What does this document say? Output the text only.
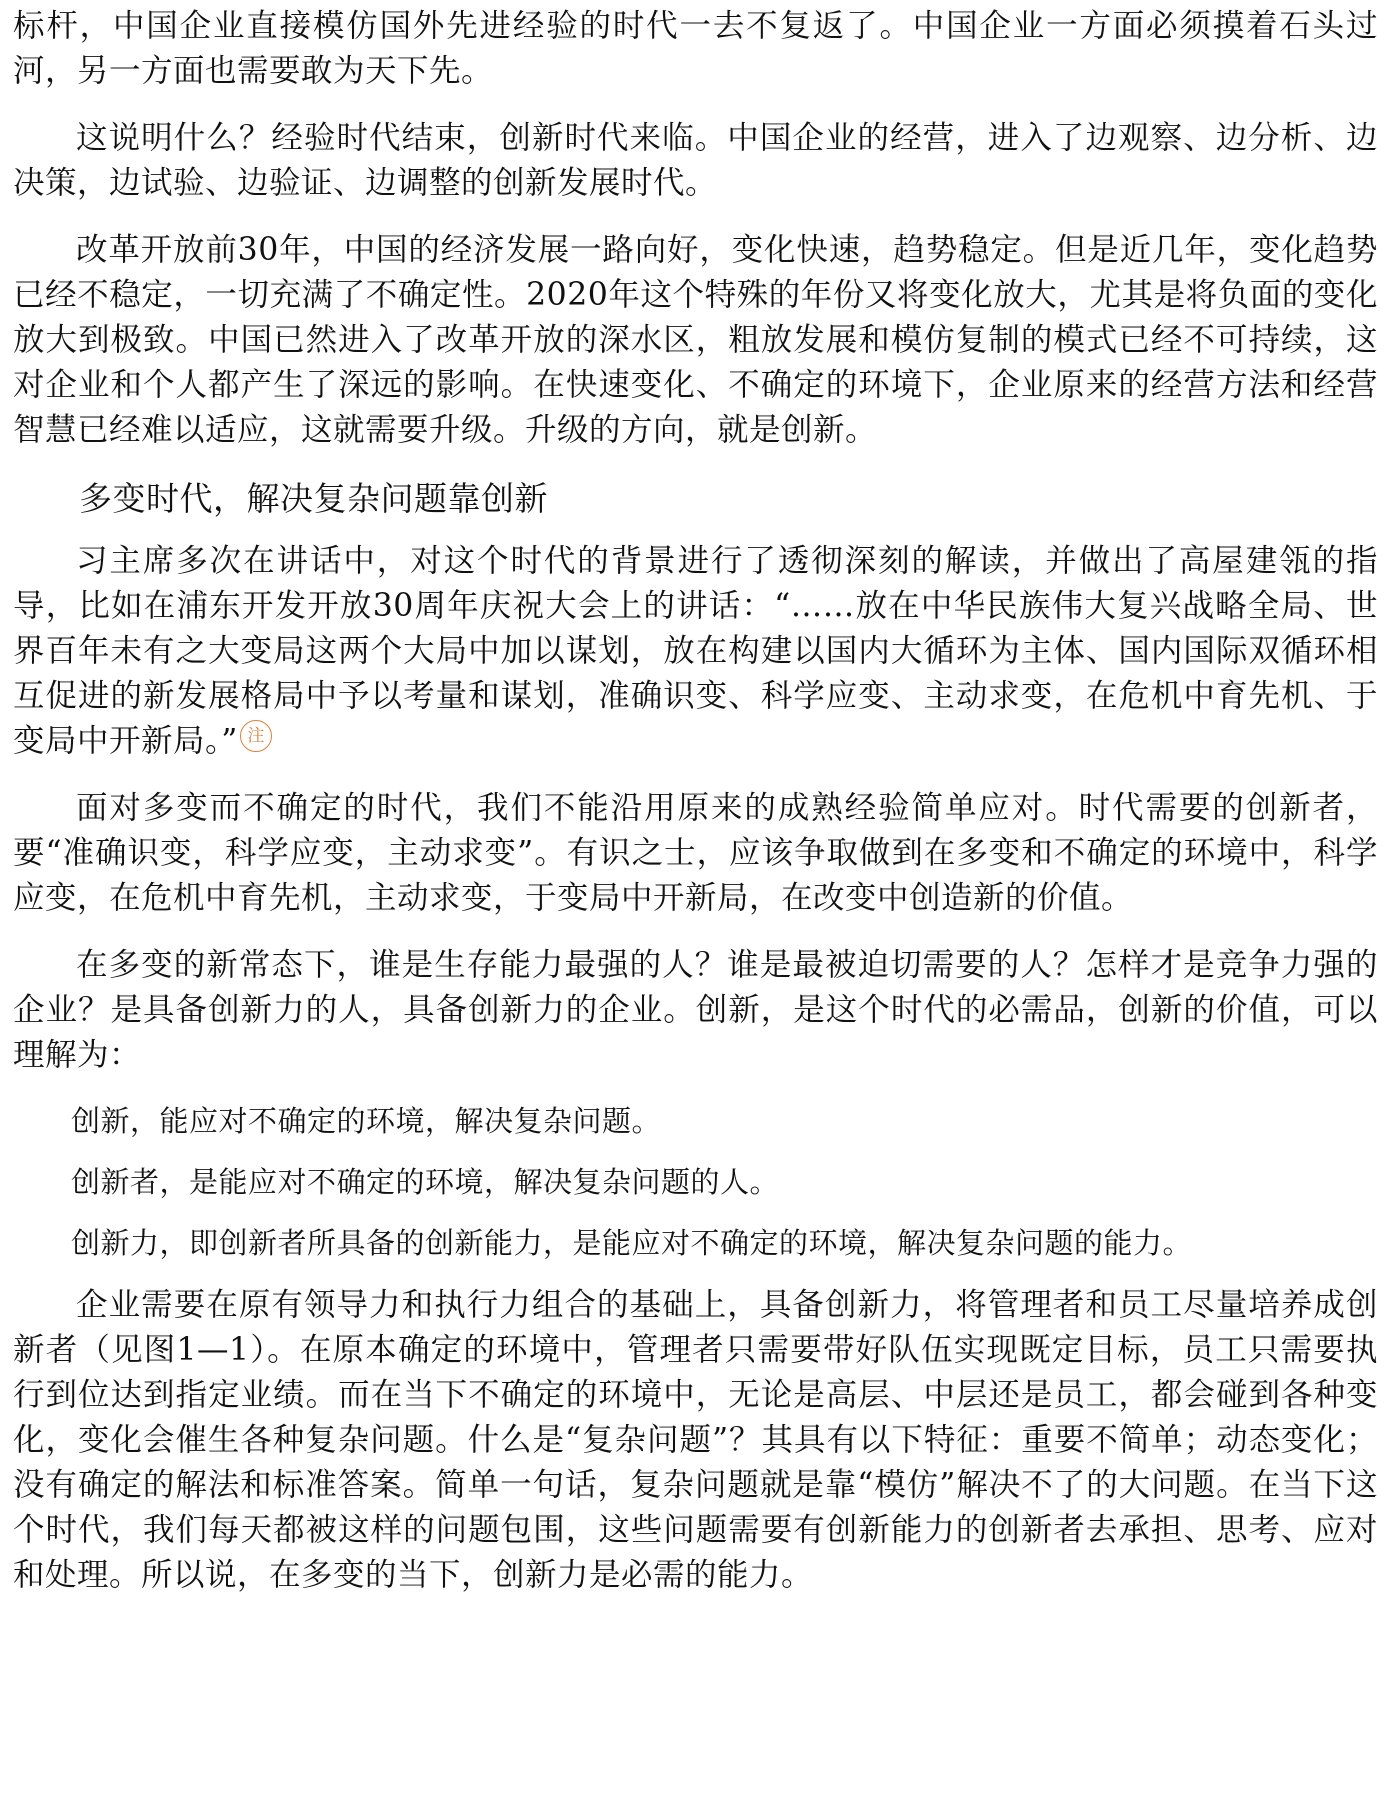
标杆，中国企业直接模仿国外先进经验的时代一去不复返了。中国企业一方面必须摸着石头过河，另一方面也需要敢为天下先。

这说明什么？经验时代结束，创新时代来临。中国企业的经营，进入了边观察、边分析、边决策，边试验、边验证、边调整的创新发展时代。

改革开放前30年，中国的经济发展一路向好，变化快速，趋势稳定。但是近几年，变化趋势已经不稳定，一切充满了不确定性。2020年这个特殊的年份又将变化放大，尤其是将负面的变化放大到极致。中国已然进入了改革开放的深水区，粗放发展和模仿复制的模式已经不可持续，这对企业和个人都产生了深远的影响。在快速变化、不确定的环境下，企业原来的经营方法和经营智慧已经难以适应，这就需要升级。升级的方向，就是创新。

多变时代，解决复杂问题靠创新

习主席多次在讲话中，对这个时代的背景进行了透彻深刻的解读，并做出了高屋建瓴的指导，比如在浦东开发开放30周年庆祝大会上的讲话：“……放在中华民族伟大复兴战略全局、世界百年未有之大变局这两个大局中加以谋划，放在构建以国内大循环为主体、国内国际双循环相互促进的新发展格局中予以考量和谋划，准确识变、科学应变、主动求变，在危机中育先机、于变局中开新局。” 注

面对多变而不确定的时代，我们不能沿用原来的成熟经验简单应对。时代需要的创新者，要“准确识变，科学应变，主动求变”。有识之士，应该争取做到在多变和不确定的环境中，科学应变，在危机中育先机，主动求变，于变局中开新局，在改变中创造新的价值。

在多变的新常态下，谁是生存能力最强的人？谁是最被迫切需要的人？怎样才是竞争力强的企业？是具备创新力的人，具备创新力的企业。创新，是这个时代的必需品，创新的价值，可以理解为：

创新，能应对不确定的环境，解决复杂问题。

创新者，是能应对不确定的环境，解决复杂问题的人。

创新力，即创新者所具备的创新能力，是能应对不确定的环境，解决复杂问题的能力。

企业需要在原有领导力和执行力组合的基础上，具备创新力，将管理者和员工尽量培养成创新者（见图1—1）。在原本确定的环境中，管理者只需要带好队伍实现既定目标，员工只需要执行到位达到指定业绩。而在当下不确定的环境中，无论是高层、中层还是员工，都会碰到各种变化，变化会催生各种复杂问题。什么是“复杂问题”？其具有以下特征：重要不简单；动态变化；没有确定的解法和标准答案。简单一句话，复杂问题就是靠“模仿”解决不了的大问题。在当下这个时代，我们每天都被这样的问题包围，这些问题需要有创新能力的创新者去承担、思考、应对和处理。所以说，在多变的当下，创新力是必需的能力。
